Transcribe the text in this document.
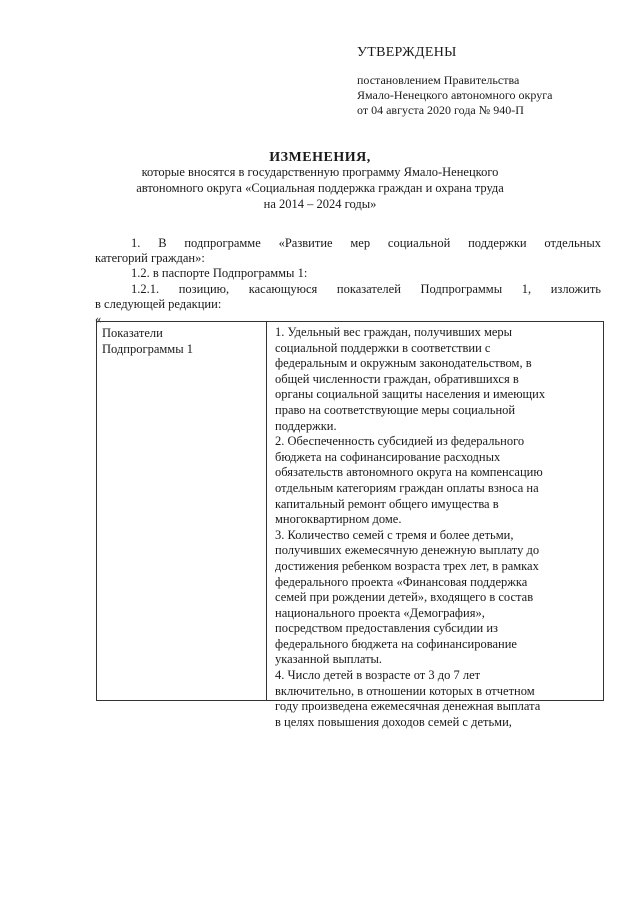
УТВЕРЖДЕНЫ
постановлением Правительства
Ямало-Ненецкого автономного округа
от 04 августа 2020 года № 940-П
ИЗМЕНЕНИЯ,
которые вносятся в государственную программу Ямало-Ненецкого
автономного округа «Социальная поддержка граждан и охрана труда
на 2014 – 2024 годы»
1. В подпрограмме «Развитие мер социальной поддержки отдельных
категорий граждан»:
1.2. в паспорте Подпрограммы 1:
1.2.1. позицию, касающуюся показателей Подпрограммы 1, изложить
в следующей редакции:
«
Показатели
Подпрограммы 1
1. Удельный вес граждан, получивших меры
социальной поддержки в соответствии с
федеральным и окружным законодательством, в
общей численности граждан, обратившихся в
органы социальной защиты населения и имеющих
право на соответствующие меры социальной
поддержки.
2. Обеспеченность субсидией из федерального
бюджета на софинансирование расходных
обязательств автономного округа на компенсацию
отдельным категориям граждан оплаты взноса на
капитальный ремонт общего имущества в
многоквартирном доме.
3. Количество семей с тремя и более детьми,
получивших ежемесячную денежную выплату до
достижения ребенком возраста трех лет, в рамках
федерального проекта «Финансовая поддержка
семей при рождении детей», входящего в состав
национального проекта «Демография»,
посредством предоставления субсидии из
федерального бюджета на софинансирование
указанной выплаты.
4. Число детей в возрасте от 3 до 7 лет
включительно, в отношении которых в отчетном
году произведена ежемесячная денежная выплата
в целях повышения доходов семей с детьми,
